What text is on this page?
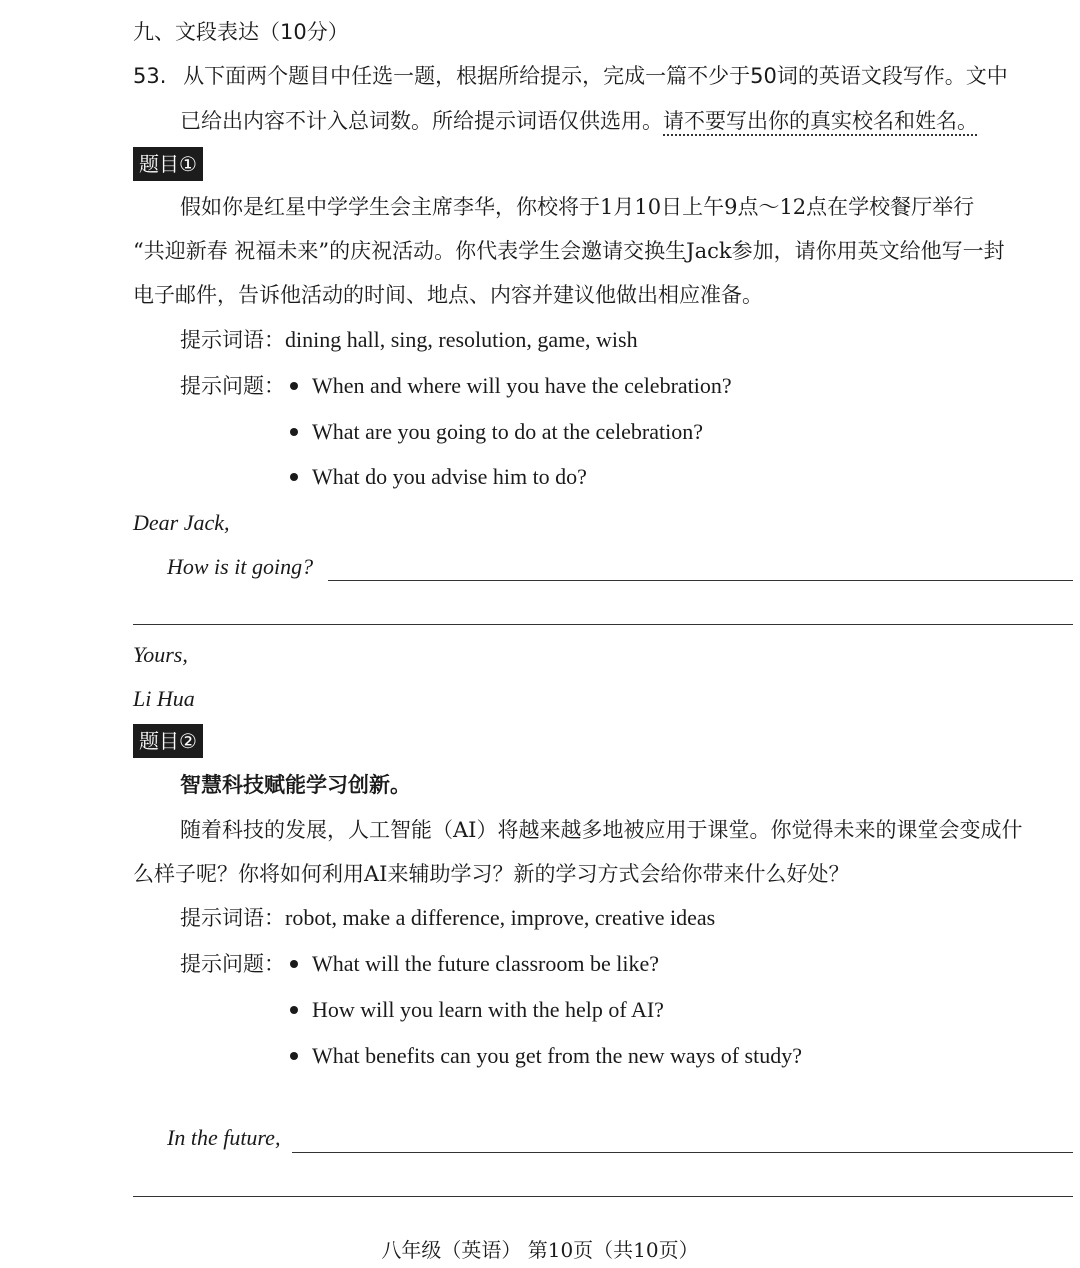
九、文段表达（10分）
53. 从下面两个题目中任选一题，根据所给提示，完成一篇不少于50词的英语文段写作。文中
已给出内容不计入总词数。所给提示词语仅供选用。请不要写出你的真实校名和姓名。
题目①
假如你是红星中学学生会主席李华，你校将于1月10日上午9点～12点在学校餐厅举行
“共迎新春 祝福未来”的庆祝活动。你代表学生会邀请交换生Jack参加，请你用英文给他写一封
电子邮件，告诉他活动的时间、地点、内容并建议他做出相应准备。
提示词语：dining hall, sing, resolution, game, wish
提示问题：	When and where will you have the celebration?
What are you going to do at the celebration?
What do you advise him to do?
Dear Jack,
How is it going?
Yours,
Li Hua
题目②
智慧科技赋能学习创新。
随着科技的发展，人工智能（AI）将越来越多地被应用于课堂。你觉得未来的课堂会变成什
么样子呢？你将如何利用AI来辅助学习？新的学习方式会给你带来什么好处？
提示词语：robot, make a difference, improve, creative ideas
提示问题：	What will the future classroom be like?
How will you learn with the help of AI?
What benefits can you get from the new ways of study?
In the future,
八年级（英语） 第10页（共10页）
